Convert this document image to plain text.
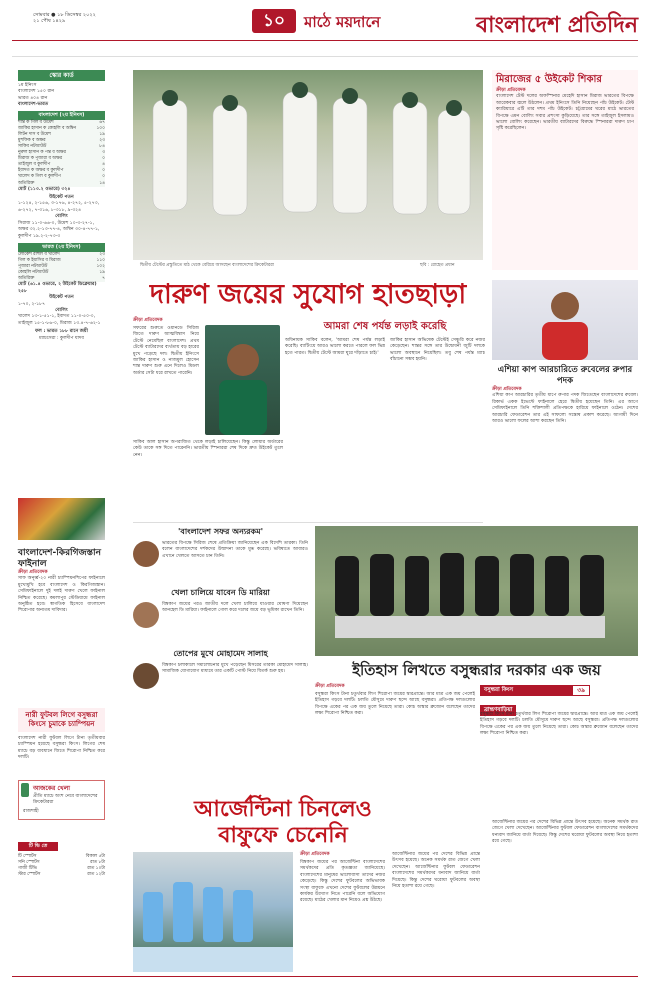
সোমবার ● ১৮ ডিসেম্বর ২০২২
২১ পৌষ ১৪২৯	১০	মাঠে ময়দানে	বাংলাদেশ প্রতিদিন
স্কোর কার্ড
১ম ইনিংস
বাংলাদেশ ১৫০ রান
ভারত ৪০৪ রান
বাংলাদেশ-ভারত
বাংলাদেশ (২য় ইনিংস)
শান্ত ক গিল ব উমেশ	৬৭
জাকির হাসান ক কোহলি ব অশ্বিন	১০০
লিটন দাস ব উমেশ	১৯
মুশফিক ব অক্ষর	২৩
সাকিব নটআউট	৮৪
নুরুল হাসান ক পন্ত ব অক্ষর	৩
মিরাজ ক পূজারা ব অক্ষর	০
তাইজুল ব কুলদীপ	৪
ইবাদত ক অক্ষর ব কুলদীপ	০
খালেদ ক গিল ব কুলদীপ	০
অতিরিক্ত	১৪
মোট (১১৩.২ ওভারে) ৩২৪
উইকেট পতন
১-১২৪, ২-১৫৬, ৩-১৭৬, ৪-২৭২, ৫-২৭৩, ৬-২৭২, ৭-৩১৬, ৮-৩১৮, ৯-৩২৪
বোলিং
সিরাজ ১১-০-৬৬-০, উমেশ ১০-৩-২৭-১, অক্ষর ৩২.২-১৩-৭৭-৪, অশ্বিন ৩০-৪-৭৭-১, কুলদীপ ১৯.২-২-৭৩-৩
ভারত (২য় ইনিংস)
লোকেশ রাহুল ব খালেদ	২৩
গিল ক ইয়াসির ব মিরাজ	১১০
পূজারা নটআউট	১০২
কোহলি নটআউট	১৯
অতিরিক্ত	৭
মোট (৬১.৪ ওভারে, ২ উইকেট ডিক্লেয়ার) ২৫৮
উইকেট পতন
১-৭০, ২-১৮৭
বোলিং
খালেদ ১৩-১-৫১-১, ইবাদত ১১-০-৫০-০, তাইজুল ১৫-১-৮৬-০, মিরাজ ১৩.৪-৭-৬২-১
ফল : ভারত ১৮৮ রানে জয়ী
ম্যাচসেরা : কুলদীপ যাদব
বাংলাদেশ-কিরগিজস্তান ফাইনাল
ক্রীড়া প্রতিবেদক
সাফ অনূর্ধ্ব-২০ নারী চ্যাম্পিয়নশিপের ফাইনালে মুখোমুখি হবে বাংলাদেশ ও কিরগিজস্তান। সেমিফাইনালে দুই দলই দারুণ খেলে ফাইনাল নিশ্চিত করেছে। কমলাপুর স্টেডিয়ামে ফাইনাল অনুষ্ঠিত হবে। স্বাগতিক হিসেবে বাংলাদেশ শিরোপার অন্যতম দাবিদার।
নারী ফুটবল লিগে বসুন্ধরা কিংসে চুমাকে চ্যাম্পিয়ন
বাংলাদেশ নারী ফুটবল লিগে টানা তৃতীয়বার চ্যাম্পিয়ন হয়েছে বসুন্ধরা কিংস। লিগের শেষ ম্যাচে বড় ব্যবধানে জিতে শিরোপা নিশ্চিত করে দলটি।
আজকের খেলা
প্রীতি ম্যাচে অংশ নেবে বাংলাদেশের ক্রিকেটাররা
রাজশাহী
টি ভি তে
টি স্পোর্টস	বিকাল ৫টা
সনি স্পোর্টস	রাত ৮টা
গাজী টিভি	রাত ১০টা
স্টার স্পোর্টস	রাত ১২টা
দ্বিতীয় টেস্টের প্রস্তুতিতে মাঠ থেকে বেরিয়ে আসছেন বাংলাদেশের ক্রিকেটাররা	ছবি : রোহেত প্রধান
মিরাজের ৫ উইকেট শিকার
ক্রীড়া প্রতিবেদক
বাংলাদেশ টেস্ট দলের অফস্পিনার মেহেদি হাসান মিরাজ ভারতের বিপক্ষে আরেকবার জ্বলে উঠলেন। প্রথম ইনিংসে তিনি নিয়েছেন পাঁচ উইকেট। টেস্ট ক্যারিয়ারে এটি তার দশম পাঁচ উইকেট। চট্টগ্রামের ঘরের মাঠে ভারতের বিপক্ষে এমন বোলিং সবার প্রশংসা কুড়িয়েছে। তার সঙ্গে তাইজুল ইসলামও ভালো বোলিং করেছেন। ভারতীয় ব্যাটারদের বিরুদ্ধে স্পিনাররা দারুণ চাপ সৃষ্টি করেছিলেন।
দারুণ জয়ের সুযোগ হাতছাড়া
ক্রীড়া প্রতিবেদক
সফরের শুরুতে ওয়ানডে সিরিজ জিতে দারুণ আত্মবিশ্বাস নিয়ে টেস্টে নেমেছিল বাংলাদেশ। প্রথম টেস্টে ব্যাটারদের ব্যর্থতায় বড় হারের মুখে পড়েছে দল। দ্বিতীয় ইনিংসে জাকির হাসান ও নাজমুল হোসেন শান্ত দারুণ শুরু এনে দিলেও মিডল অর্ডার সেটা ধরে রাখতে পারেনি।
আমরা শেষ পর্যন্ত লড়াই করেছি
অধিনায়ক সাকিব বলেন, 'আমরা শেষ পর্যন্ত লড়াই করেছি। ব্যাটিংয়ে আরও ভালো করতে পারলে ফল ভিন্ন হতে পারত। দ্বিতীয় টেস্টে আমরা ঘুরে দাঁড়াতে চাই।'
জাকির হাসান অভিষেক টেস্টেই সেঞ্চুরি করে নজর কেড়েছেন। শান্তর সঙ্গে তার উদ্বোধনী জুটি দলকে ভালো অবস্থানে নিয়েছিল। তবু শেষ পর্যন্ত ম্যাচ বাঁচানো সম্ভব হয়নি।
সাকিব আল হাসান অপরাজিত থেকে লড়াই চালিয়েছেন। কিন্তু লোয়ার অর্ডারের কেউ তাকে সঙ্গ দিতে পারেননি। ভারতীয় স্পিনাররা শেষ দিকে দ্রুত উইকেট তুলে নেন।
এশিয়া কাপ আরচারিতে রুবেলের রুপার পদক
ক্রীড়া প্রতিবেদক
এশিয়া কাপ আরচারির তৃতীয় ধাপে রুপার পদক জিতেছেন বাংলাদেশের রুবেল। রিকার্ভ একক ইভেন্টে ফাইনালে হেরে দ্বিতীয় হয়েছেন তিনি। এর আগে সেমিফাইনালে তিনি শক্তিশালী প্রতিপক্ষকে হারিয়ে ফাইনালে ওঠেন। দেশের আরচারি ফেডারেশন তার এই সাফল্যে সন্তোষ প্রকাশ করেছে। আগামী দিনে আরও ভালো ফলের আশা করছেন তিনি।
'বাংলাদেশ সফর অন্যরকম'
ভারতের বিপক্ষে সিরিজ শেষে প্রতিক্রিয়া জানিয়েছেন এক বিদেশি তারকা। তিনি বলেন বাংলাদেশের দর্শকদের উন্মাদনা তাকে মুগ্ধ করেছে। ভবিষ্যতে আবারও এখানে খেলতে আসতে চান তিনি।
খেলা চালিয়ে যাবেন ডি মারিয়া
বিশ্বকাপ জয়ের পরও জাতীয় দলে খেলা চালিয়ে যাওয়ার ঘোষণা দিয়েছেন আনহেল ডি মারিয়া। ফাইনালে গোল করে দলের জয়ে বড় ভূমিকা রাখেন তিনি।
তোপের মুখে মোহামেদ সালাহ
বিশ্বকাপ চলাকালে সমালোচনার মুখে পড়েছেন মিসরের তারকা মোহামেদ সালাহ। সামাজিক যোগাযোগ মাধ্যমে তার একটি পোস্ট নিয়ে বিতর্ক শুরু হয়।	ইতিহাস লিখতে বসুন্ধরার দরকার এক জয়
ক্রীড়া প্রতিবেদক
বসুন্ধরা কিংস	৩৯
ব্রাহ্মণবাড়িয়া
বসুন্ধরা কিংস টানা চতুর্থবার লিগ শিরোপা জয়ের দ্বারপ্রান্তে। আর মাত্র এক জয় পেলেই ইতিহাস গড়বে দলটি। চলতি মৌসুমে দারুণ ছন্দে আছে বসুন্ধরা। প্রতিপক্ষ দলগুলোর বিপক্ষে একের পর এক জয় তুলে নিয়েছে তারা। কোচ অস্কার ব্রুজোন বলেছেন তাদের লক্ষ্য শিরোপা নিশ্চিত করা।	বসুন্ধরা কিংস টানা চতুর্থবার লিগ শিরোপা জয়ের দ্বারপ্রান্তে। আর মাত্র এক জয় পেলেই ইতিহাস গড়বে দলটি। চলতি মৌসুমে দারুণ ছন্দে আছে বসুন্ধরা। প্রতিপক্ষ দলগুলোর বিপক্ষে একের পর এক জয় তুলে নিয়েছে তারা। কোচ অস্কার ব্রুজোন বলেছেন তাদের লক্ষ্য শিরোপা নিশ্চিত করা।
আর্জেন্টিনা চিনলেও
বাফুফে চেনেনি
ক্রীড়া প্রতিবেদক
বিশ্বকাপ জয়ের পর আর্জেন্টিনা বাংলাদেশের সমর্থকদের প্রতি কৃতজ্ঞতা জানিয়েছে। বাংলাদেশের মানুষের ভালোবাসা তাদের নজর কেড়েছে। কিন্তু দেশের ফুটবলের অভিভাবক সংস্থা বাফুফে এখনো দেশের ফুটবলের উন্নয়নে কার্যকর উদ্যোগ নিতে পারেনি বলে অভিযোগ রয়েছে। মাঠের খেলার মান নিয়েও প্রশ্ন উঠছে।
আর্জেন্টিনার জয়ের পর দেশের বিভিন্ন প্রান্তে উৎসব হয়েছে। অনেক সমর্থক রাত জেগে খেলা দেখেছেন। আর্জেন্টিনার ফুটবল ফেডারেশন বাংলাদেশের সমর্থকদের ধন্যবাদ জানিয়ে বার্তা দিয়েছে। কিন্তু দেশের ঘরোয়া ফুটবলের অবস্থা নিয়ে হতাশা রয়ে গেছে।
আর্জেন্টিনার জয়ের পর দেশের বিভিন্ন প্রান্তে উৎসব হয়েছে। অনেক সমর্থক রাত জেগে খেলা দেখেছেন। আর্জেন্টিনার ফুটবল ফেডারেশন বাংলাদেশের সমর্থকদের ধন্যবাদ জানিয়ে বার্তা দিয়েছে। কিন্তু দেশের ঘরোয়া ফুটবলের অবস্থা নিয়ে হতাশা রয়ে গেছে।
